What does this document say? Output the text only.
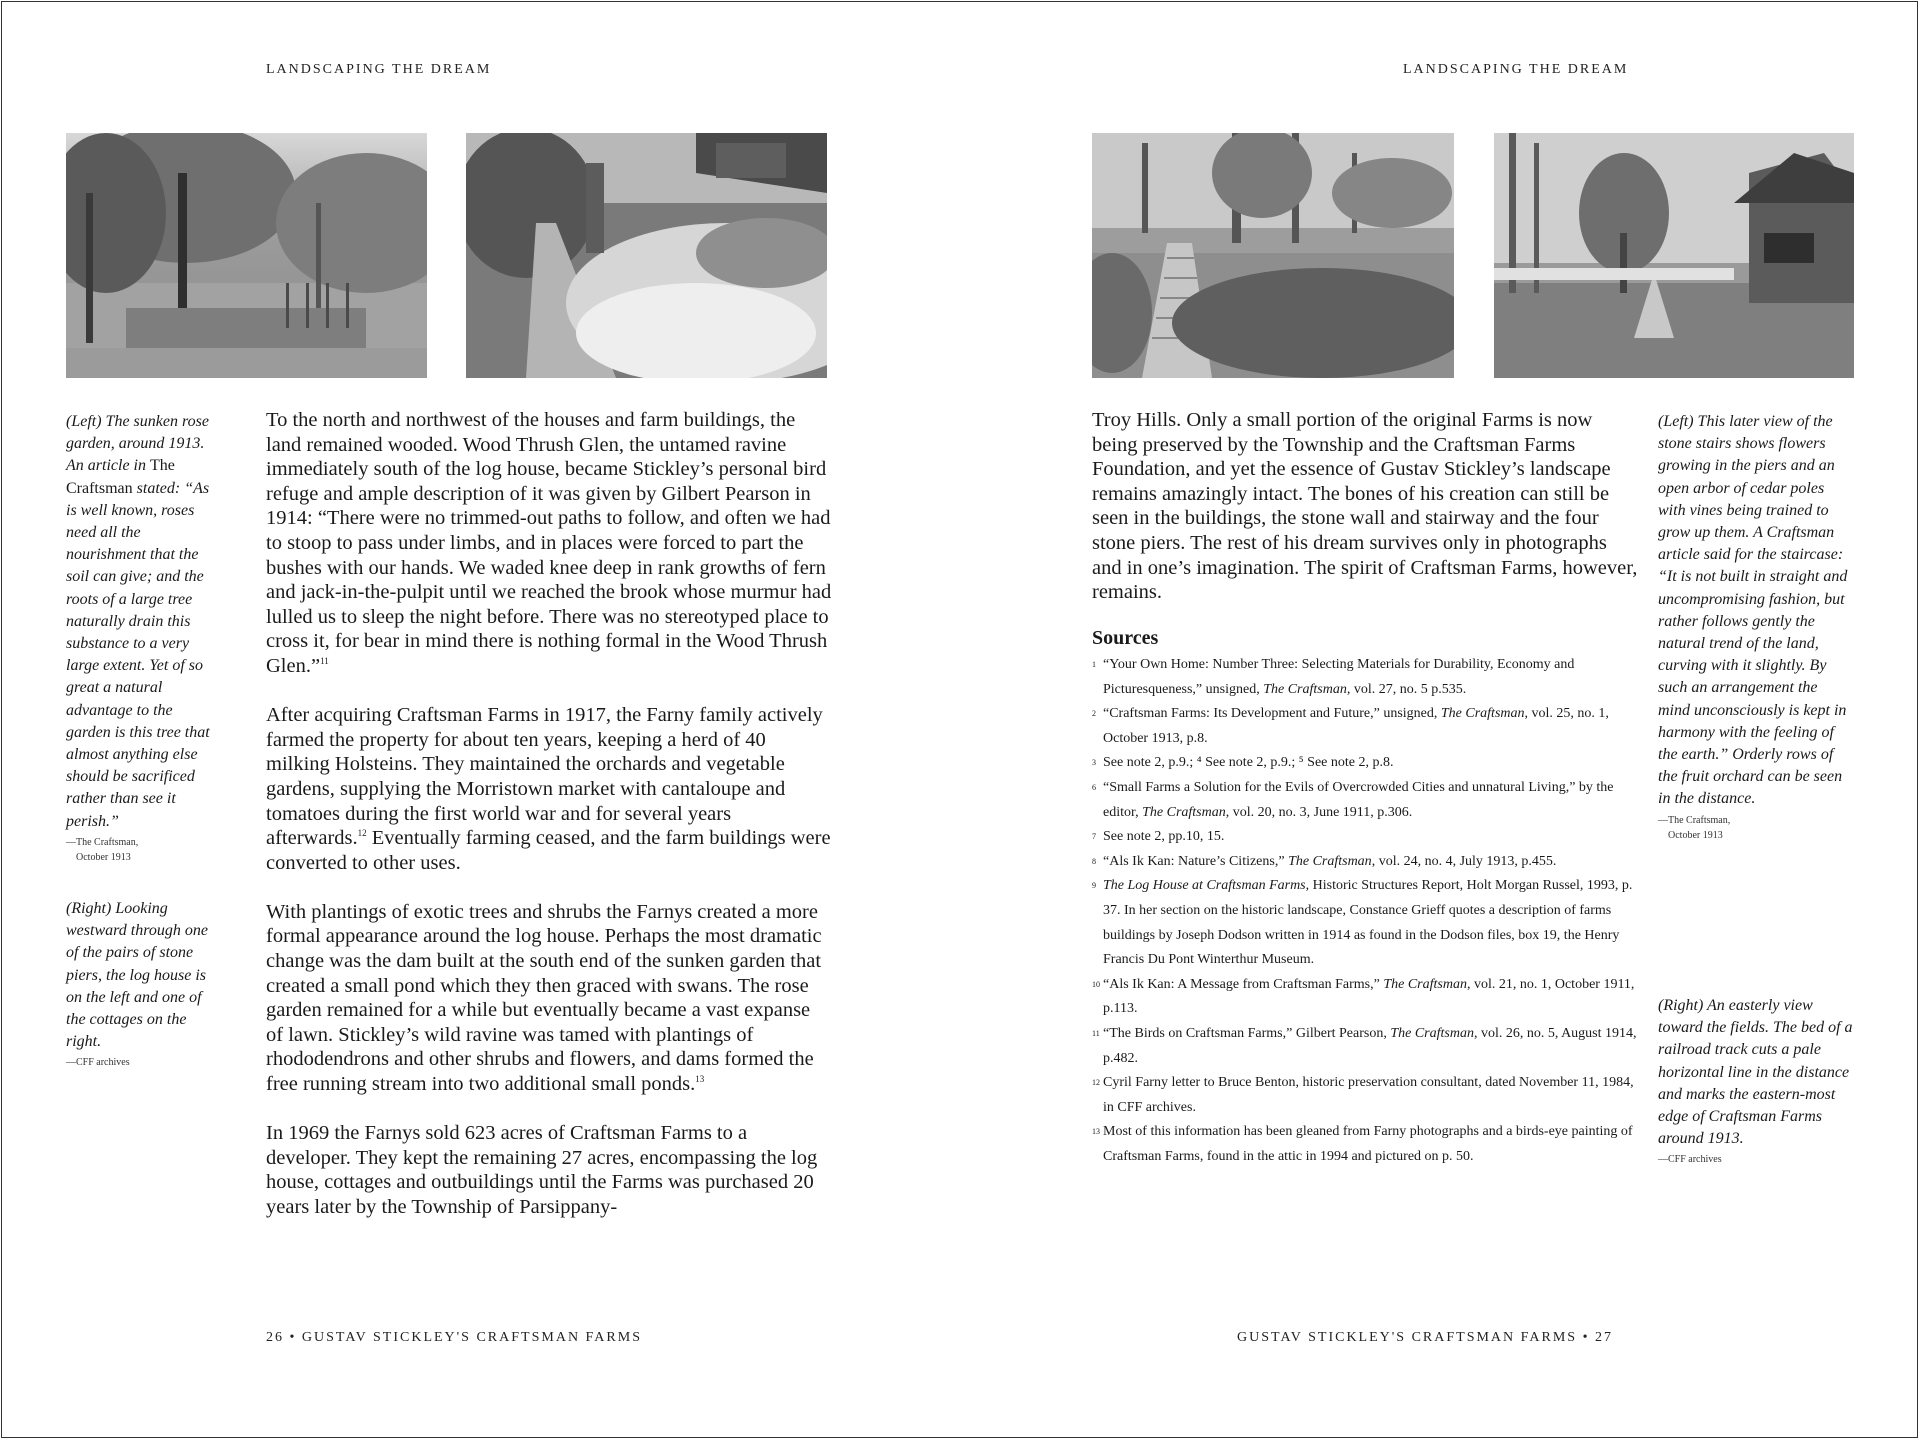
LANDSCAPING THE DREAM

(Left) The sunken rose garden, around 1913. An article in The Craftsman stated: “As is well known, roses need all the nourishment that the soil can give; and the roots of a large tree naturally drain this substance to a very large extent. Yet of so great a natural advantage to the garden is this tree that almost anything else should be sacrificed rather than see it perish.”

—The Craftsman,
October 1913

(Right) Looking westward through one of the pairs of stone piers, the log house is on the left and one of the cottages on the right.

—CFF archives

To the north and northwest of the houses and farm buildings, the land remained wooded. Wood Thrush Glen, the untamed ravine immediately south of the log house, became Stickley’s personal bird refuge and ample description of it was given by Gilbert Pearson in 1914: “There were no trimmed-out paths to follow, and often we had to stoop to pass under limbs, and in places were forced to part the bushes with our hands. We waded knee deep in rank growths of fern and jack-in-the-pulpit until we reached the brook whose murmur had lulled us to sleep the night before. There was no stereotyped place to cross it, for bear in mind there is nothing formal in the Wood Thrush Glen.”$^{11}$

After acquiring Craftsman Farms in 1917, the Farny family actively farmed the property for about ten years, keeping a herd of 40 milking Holsteins. They maintained the orchards and vegetable gardens, supplying the Morristown market with cantaloupe and tomatoes during the first world war and for several years afterwards.$^{12}$ Eventually farming ceased, and the farm buildings were converted to other uses.

With plantings of exotic trees and shrubs the Farnys created a more formal appearance around the log house. Perhaps the most dramatic change was the dam built at the south end of the sunken garden that created a small pond which they then graced with swans. The rose garden remained for a while but eventually became a vast expanse of lawn. Stickley’s wild ravine was tamed with plantings of rhododendrons and other shrubs and flowers, and dams formed the free running stream into two additional small ponds.$^{13}$

In 1969 the Farnys sold 623 acres of Craftsman Farms to a developer. They kept the remaining 27 acres, encompassing the log house, cottages and outbuildings until the Farms was purchased 20 years later by the Township of Parsippany-

26 • GUSTAV STICKLEY'S CRAFTSMAN FARMS
LANDSCAPING THE DREAM

Troy Hills. Only a small portion of the original Farms is now being preserved by the Township and the Craftsman Farms Foundation, and yet the essence of Gustav Stickley’s landscape remains amazingly intact. The bones of his creation can still be seen in the buildings, the stone wall and stairway and the four stone piers. The rest of his dream survives only in photographs and in one’s imagination. The spirit of Craftsman Farms, however, remains.

Sources
1 “Your Own Home: Number Three: Selecting Materials for Durability, Economy and Picturesqueness,” unsigned, The Craftsman, vol. 27, no. 5 p.535.
2 “Craftsman Farms: Its Development and Future,” unsigned, The Craftsman, vol. 25, no. 1, October 1913, p.8.
3 See note 2, p.9.; ⁴ See note 2, p.9.; ⁵ See note 2, p.8.
6 “Small Farms a Solution for the Evils of Overcrowded Cities and unnatural Living,” by the editor, The Craftsman, vol. 20, no. 3, June 1911, p.306.
7 See note 2, pp.10, 15.
8 “Als Ik Kan: Nature’s Citizens,” The Craftsman, vol. 24, no. 4, July 1913, p.455.
9 The Log House at Craftsman Farms, Historic Structures Report, Holt Morgan Russel, 1993, p. 37. In her section on the historic landscape, Constance Grieff quotes a description of farms buildings by Joseph Dodson written in 1914 as found in the Dodson files, box 19, the Henry Francis Du Pont Winterthur Museum.
10 “Als Ik Kan: A Message from Craftsman Farms,” The Craftsman, vol. 21, no. 1, October 1911, p.113.
11 “The Birds on Craftsman Farms,” Gilbert Pearson, The Craftsman, vol. 26, no. 5, August 1914, p.482.
12 Cyril Farny letter to Bruce Benton, historic preservation consultant, dated November 11, 1984, in CFF archives.
13 Most of this information has been gleaned from Farny photographs and a birds-eye painting of Craftsman Farms, found in the attic in 1994 and pictured on p. 50.

(Left) This later view of the stone stairs shows flowers growing in the piers and an open arbor of cedar poles with vines being trained to grow up them. A Craftsman article said for the staircase: “It is not built in straight and uncompromising fashion, but rather follows gently the natural trend of the land, curving with it slightly. By such an arrangement the mind unconsciously is kept in harmony with the feeling of the earth.” Orderly rows of the fruit orchard can be seen in the distance.

—The Craftsman,
October 1913

(Right) An easterly view toward the fields. The bed of a railroad track cuts a pale horizontal line in the distance and marks the eastern-most edge of Craftsman Farms around 1913.

—CFF archives
GUSTAV STICKLEY'S CRAFTSMAN FARMS • 27
